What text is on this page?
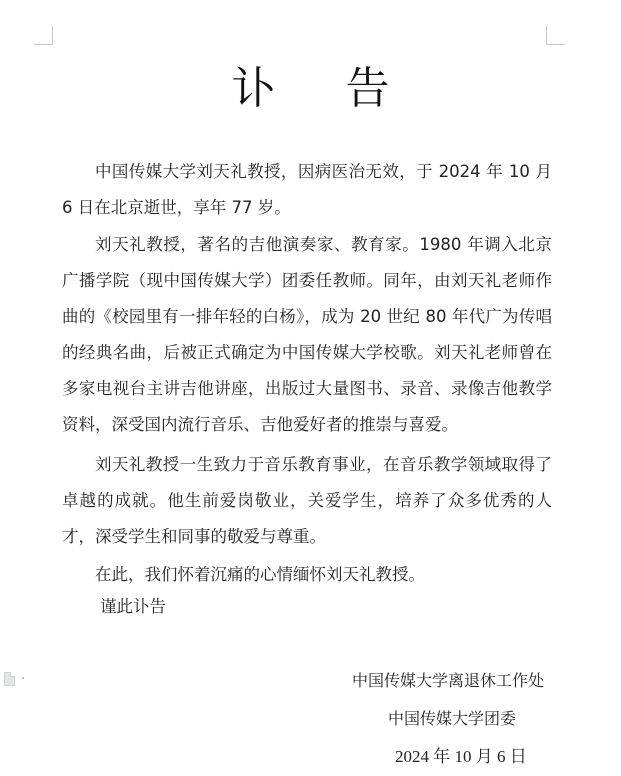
讣 告

中国传媒大学刘天礼教授，因病医治无效，于 2024 年 10 月 6 日在北京逝世，享年 77 岁。

刘天礼教授，著名的吉他演奏家、教育家。1980 年调入北京广播学院（现中国传媒大学）团委任教师。同年，由刘天礼老师作曲的《校园里有一排年轻的白杨》，成为 20 世纪 80 年代广为传唱的经典名曲，后被正式确定为中国传媒大学校歌。刘天礼老师曾在多家电视台主讲吉他讲座，出版过大量图书、录音、录像吉他教学资料，深受国内流行音乐、吉他爱好者的推崇与喜爱。

刘天礼教授一生致力于音乐教育事业，在音乐教学领域取得了卓越的成就。他生前爱岗敬业，关爱学生，培养了众多优秀的人才，深受学生和同事的敬爱与尊重。

在此，我们怀着沉痛的心情缅怀刘天礼教授。

谨此讣告
中国传媒大学离退休工作处
中国传媒大学团委
2024 年 10 月 6 日
